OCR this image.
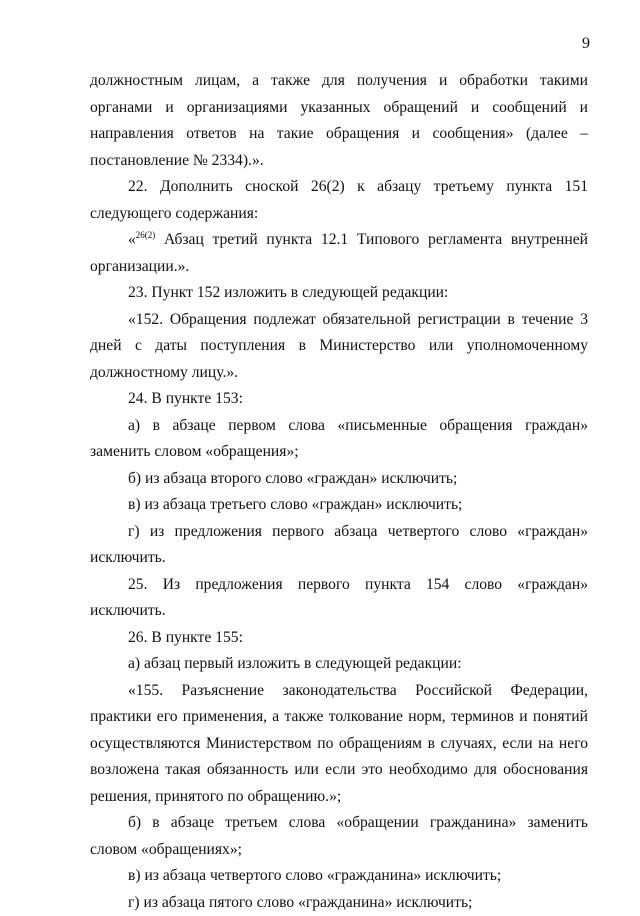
9

должностным лицам, а также для получения и обработки такими органами и организациями указанных обращений и сообщений и направления ответов на такие обращения и сообщения» (далее – постановление № 2334).».

22. Дополнить сноской 26(2) к абзацу третьему пункта 151 следующего содержания:

«$^{26(2)}$ Абзац третий пункта 12.1 Типового регламента внутренней организации.».

23. Пункт 152 изложить в следующей редакции:

«152. Обращения подлежат обязательной регистрации в течение 3 дней с даты поступления в Министерство или уполномоченному должностному лицу.».

24. В пункте 153:

а) в абзаце первом слова «письменные обращения граждан» заменить словом «обращения»;

б) из абзаца второго слово «граждан» исключить;

в) из абзаца третьего слово «граждан» исключить;

г) из предложения первого абзаца четвертого слово «граждан» исключить.

25. Из предложения первого пункта 154 слово «граждан» исключить.

26. В пункте 155:

а) абзац первый изложить в следующей редакции:

«155. Разъяснение законодательства Российской Федерации, практики его применения, а также толкование норм, терминов и понятий осуществляются Министерством по обращениям в случаях, если на него возложена такая обязанность или если это необходимо для обоснования решения, принятого по обращению.»;

б) в абзаце третьем слова «обращении гражданина» заменить словом «обращениях»;

в) из абзаца четвертого слово «гражданина» исключить;

г) из абзаца пятого слово «гражданина» исключить;
